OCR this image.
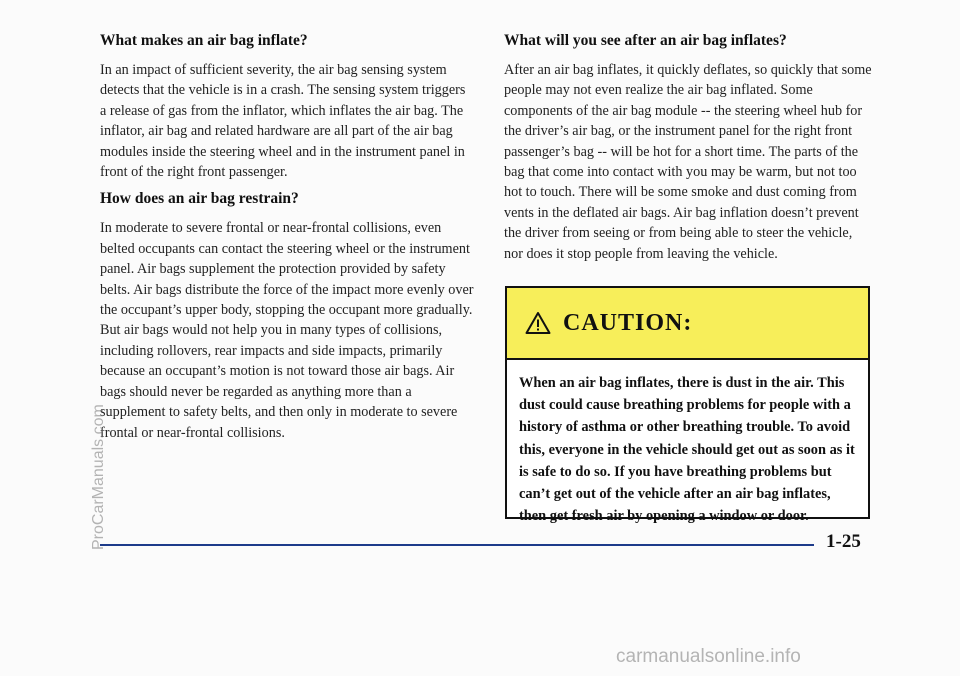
What makes an air bag inflate?

In an impact of sufficient severity, the air bag sensing system detects that the vehicle is in a crash. The sensing system triggers a release of gas from the inflator, which inflates the air bag. The inflator, air bag and related hardware are all part of the air bag modules inside the steering wheel and in the instrument panel in front of the right front passenger.

How does an air bag restrain?

In moderate to severe frontal or near-frontal collisions, even belted occupants can contact the steering wheel or the instrument panel. Air bags supplement the protection provided by safety belts. Air bags distribute the force of the impact more evenly over the occupant’s upper body, stopping the occupant more gradually. But air bags would not help you in many types of collisions, including rollovers, rear impacts and side impacts, primarily because an occupant’s motion is not toward those air bags. Air bags should never be regarded as anything more than a supplement to safety belts, and then only in moderate to severe frontal or near-frontal collisions.

What will you see after an air bag inflates?

After an air bag inflates, it quickly deflates, so quickly that some people may not even realize the air bag inflated. Some components of the air bag module -- the steering wheel hub for the driver’s air bag, or the instrument panel for the right front passenger’s bag -- will be hot for a short time. The parts of the bag that come into contact with you may be warm, but not too hot to touch. There will be some smoke and dust coming from vents in the deflated air bags. Air bag inflation doesn’t prevent the driver from seeing or from being able to steer the vehicle, nor does it stop people from leaving the vehicle.

CAUTION:
When an air bag inflates, there is dust in the air. This dust could cause breathing problems for people with a history of asthma or other breathing trouble. To avoid this, everyone in the vehicle should get out as soon as it is safe to do so. If you have breathing problems but can’t get out of the vehicle after an air bag inflates, then get fresh air by opening a window or door.
1-25
ProCarManuals.com
carmanualsonline.info
